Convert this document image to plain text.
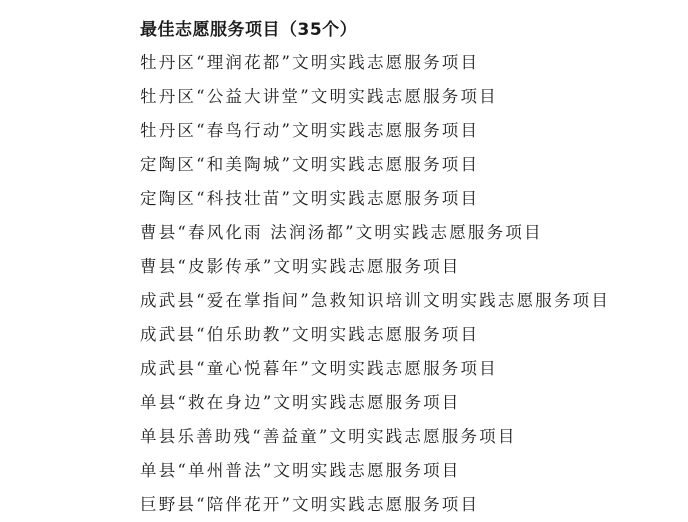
最佳志愿服务项目（35个）
牡丹区“理润花都”文明实践志愿服务项目
牡丹区“公益大讲堂”文明实践志愿服务项目
牡丹区“春鸟行动”文明实践志愿服务项目
定陶区“和美陶城”文明实践志愿服务项目
定陶区“科技壮苗”文明实践志愿服务项目
曹县“春风化雨 法润汤都”文明实践志愿服务项目
曹县“皮影传承”文明实践志愿服务项目
成武县“爱在掌指间”急救知识培训文明实践志愿服务项目
成武县“伯乐助教”文明实践志愿服务项目
成武县“童心悦暮年”文明实践志愿服务项目
单县“救在身边”文明实践志愿服务项目
单县乐善助残“善益童”文明实践志愿服务项目
单县“单州普法”文明实践志愿服务项目
巨野县“陪伴花开”文明实践志愿服务项目
